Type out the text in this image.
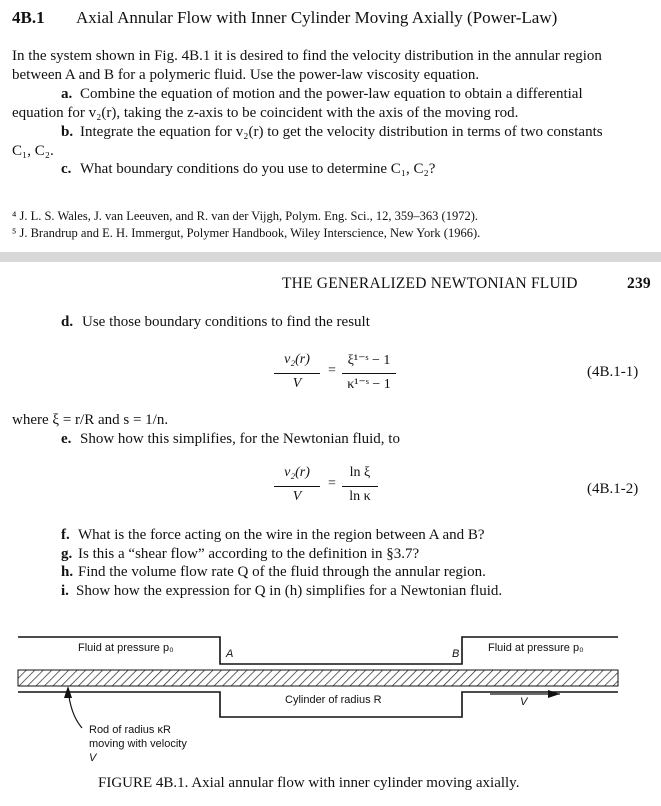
4B.1 Axial Annular Flow with Inner Cylinder Moving Axially (Power-Law)
In the system shown in Fig. 4B.1 it is desired to find the velocity distribution in the annular region
between A and B for a polymeric fluid. Use the power-law viscosity equation.
a. Combine the equation of motion and the power-law equation to obtain a differential
equation for v₂(r), taking the z-axis to be coincident with the axis of the moving rod.
b. Integrate the equation for v₂(r) to get the velocity distribution in terms of two constants
C₁, C₂.
c. What boundary conditions do you use to determine C₁, C₂?
⁴ J. L. S. Wales, J. van Leeuven, and R. van der Vijgh, Polym. Eng. Sci., 12, 359–363 (1972).
⁵ J. Brandrup and E. H. Immergut, Polymer Handbook, Wiley Interscience, New York (1966).
THE GENERALIZED NEWTONIAN FLUID	239
d. Use those boundary conditions to find the result
v₂(r)
V
=
ξ¹⁻ˢ − 1
κ¹⁻ˢ − 1
(4B.1-1)
where ξ = r/R and s = 1/n.
e. Show how this simplifies, for the Newtonian fluid, to
v₂(r)
V
=
ln ξ
ln κ	(4B.1-2)
f. What is the force acting on the wire in the region between A and B?
g. Is this a “shear flow” according to the definition in §3.7?
h. Find the volume flow rate Q of the fluid through the annular region.
i. Show how the expression for Q in (h) simplifies for a Newtonian fluid.
Fluid at pressure p₀	A	B	Fluid at pressure p₀
Cylinder of radius R	V
Rod of radius κR
moving with velocity
V
FIGURE 4B.1. Axial annular flow with inner cylinder moving axially.
